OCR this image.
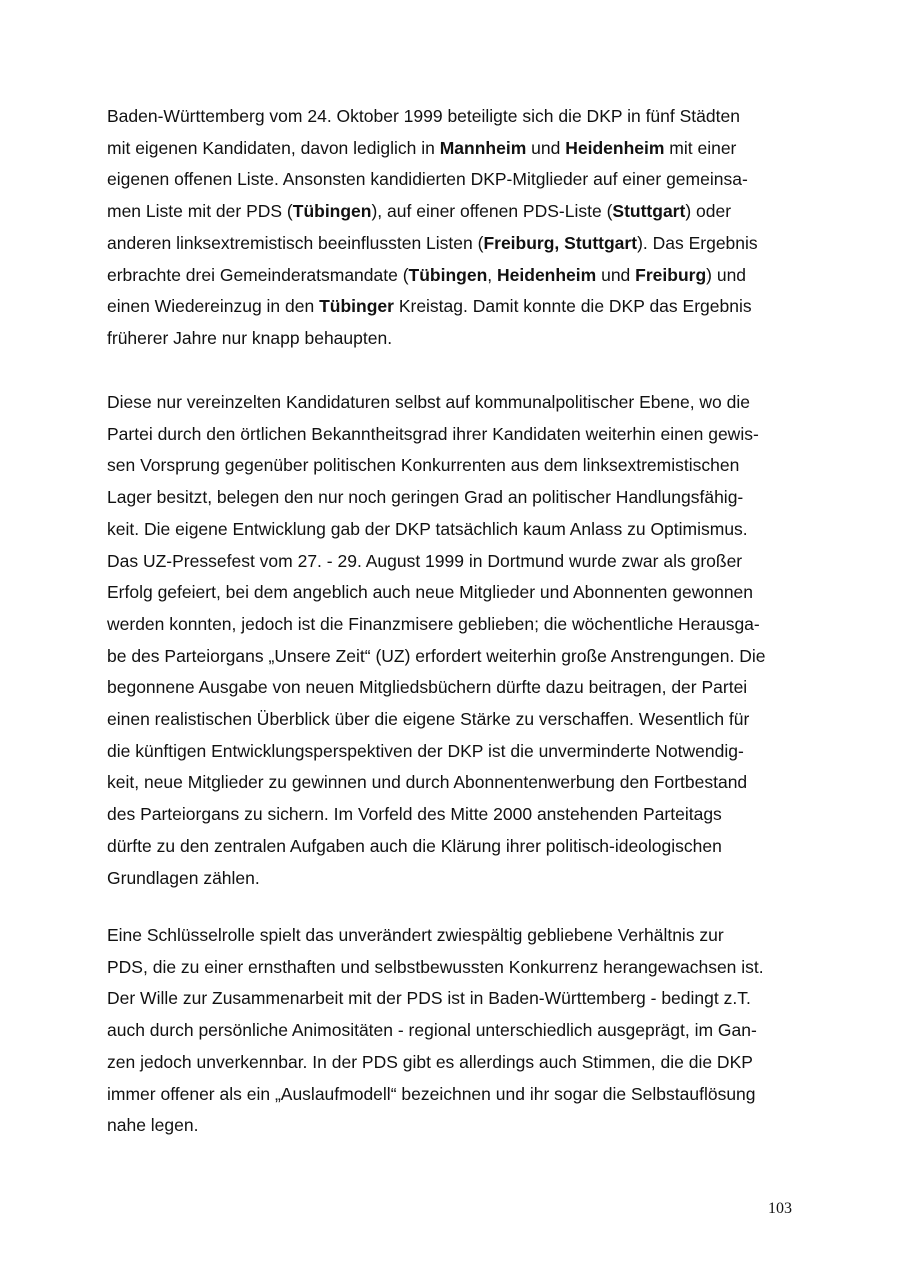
Baden-Württemberg vom 24. Oktober 1999 beteiligte sich die DKP in fünf Städten

mit eigenen Kandidaten, davon lediglich in Mannheim und Heidenheim mit einer

eigenen offenen Liste. Ansonsten kandidierten DKP-Mitglieder auf einer gemeinsa-

men Liste mit der PDS (Tübingen), auf einer offenen PDS-Liste (Stuttgart) oder

anderen linksextremistisch beeinflussten Listen (Freiburg, Stuttgart). Das Ergebnis

erbrachte drei Gemeinderatsmandate (Tübingen, Heidenheim und Freiburg) und

einen Wiedereinzug in den Tübinger Kreistag. Damit konnte die DKP das Ergebnis

früherer Jahre nur knapp behaupten.

Diese nur vereinzelten Kandidaturen selbst auf kommunalpolitischer Ebene, wo die

Partei durch den örtlichen Bekanntheitsgrad ihrer Kandidaten weiterhin einen gewis-

sen Vorsprung gegenüber politischen Konkurrenten aus dem linksextremistischen

Lager besitzt, belegen den nur noch geringen Grad an politischer Handlungsfähig-

keit. Die eigene Entwicklung gab der DKP tatsächlich kaum Anlass zu Optimismus.

Das UZ-Pressefest vom 27. - 29. August 1999 in Dortmund wurde zwar als großer

Erfolg gefeiert, bei dem angeblich auch neue Mitglieder und Abonnenten gewonnen

werden konnten, jedoch ist die Finanzmisere geblieben; die wöchentliche Herausga-

be des Parteiorgans „Unsere Zeit“ (UZ) erfordert weiterhin große Anstrengungen. Die

begonnene Ausgabe von neuen Mitgliedsbüchern dürfte dazu beitragen, der Partei

einen realistischen Überblick über die eigene Stärke zu verschaffen. Wesentlich für

die künftigen Entwicklungsperspektiven der DKP ist die unverminderte Notwendig-

keit, neue Mitglieder zu gewinnen und durch Abonnentenwerbung den Fortbestand

des Parteiorgans zu sichern. Im Vorfeld des Mitte 2000 anstehenden Parteitags

dürfte zu den zentralen Aufgaben auch die Klärung ihrer politisch-ideologischen

Grundlagen zählen.

Eine Schlüsselrolle spielt das unverändert zwiespältig gebliebene Verhältnis zur

PDS, die zu einer ernsthaften und selbstbewussten Konkurrenz herangewachsen ist.

Der Wille zur Zusammenarbeit mit der PDS ist in Baden-Württemberg - bedingt z.T.

auch durch persönliche Animositäten - regional unterschiedlich ausgeprägt, im Gan-

zen jedoch unverkennbar. In der PDS gibt es allerdings auch Stimmen, die die DKP

immer offener als ein „Auslaufmodell“ bezeichnen und ihr sogar die Selbstauflösung

nahe legen.

103
